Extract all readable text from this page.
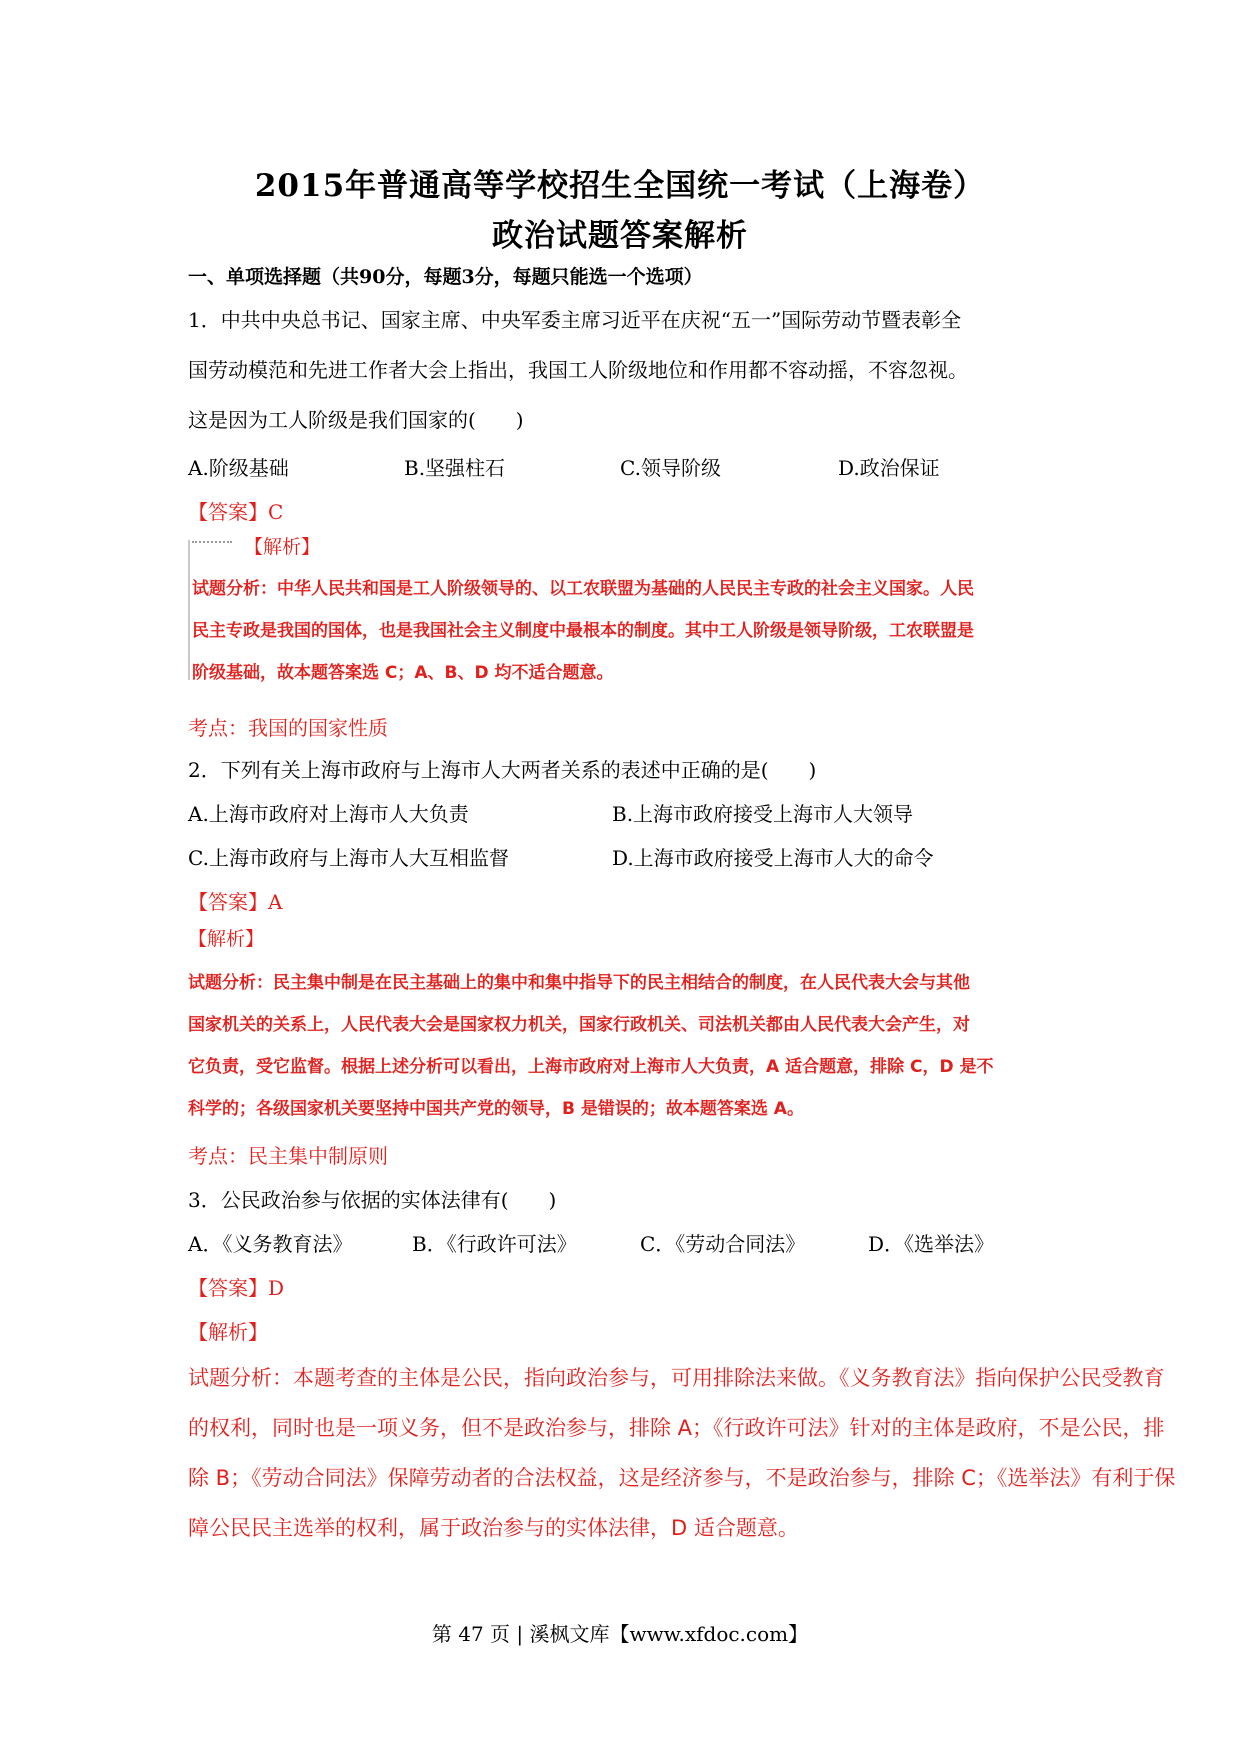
2015年普通高等学校招生全国统一考试（上海卷）
政治试题答案解析
一、单项选择题（共90分，每题3分，每题只能选一个选项）
1．中共中央总书记、国家主席、中央军委主席习近平在庆祝“五一”国际劳动节暨表彰全
国劳动模范和先进工作者大会上指出，我国工人阶级地位和作用都不容动摇，不容忽视。
这是因为工人阶级是我们国家的(　　)
A.阶级基础	B.坚强柱石	C.领导阶级	D.政治保证
【答案】C
【解析】
试题分析：中华人民共和国是工人阶级领导的、以工农联盟为基础的人民民主专政的社会主义国家。人民
民主专政是我国的国体，也是我国社会主义制度中最根本的制度。其中工人阶级是领导阶级，工农联盟是
阶级基础，故本题答案选 C；A、B、D 均不适合题意。
考点：我国的国家性质
2．下列有关上海市政府与上海市人大两者关系的表述中正确的是(　　)
A.上海市政府对上海市人大负责	B.上海市政府接受上海市人大领导
C.上海市政府与上海市人大互相监督	D.上海市政府接受上海市人大的命令
【答案】A
【解析】
试题分析：民主集中制是在民主基础上的集中和集中指导下的民主相结合的制度，在人民代表大会与其他
国家机关的关系上，人民代表大会是国家权力机关，国家行政机关、司法机关都由人民代表大会产生，对
它负责，受它监督。根据上述分析可以看出，上海市政府对上海市人大负责，A 适合题意，排除 C，D 是不
科学的；各级国家机关要坚持中国共产党的领导，B 是错误的；故本题答案选 A。
考点：民主集中制原则
3．公民政治参与依据的实体法律有(　　)
A．《义务教育法》	B．《行政许可法》	C．《劳动合同法》	D．《选举法》
【答案】D
【解析】
试题分析：本题考查的主体是公民，指向政治参与，可用排除法来做。《义务教育法》指向保护公民受教育
的权利，同时也是一项义务，但不是政治参与，排除 A；《行政许可法》针对的主体是政府，不是公民，排
除 B；《劳动合同法》保障劳动者的合法权益，这是经济参与，不是政治参与，排除 C；《选举法》有利于保
障公民民主选举的权利，属于政治参与的实体法律，D 适合题意。
第 47 页 | 溪枫文库【www.xfdoc.com】
